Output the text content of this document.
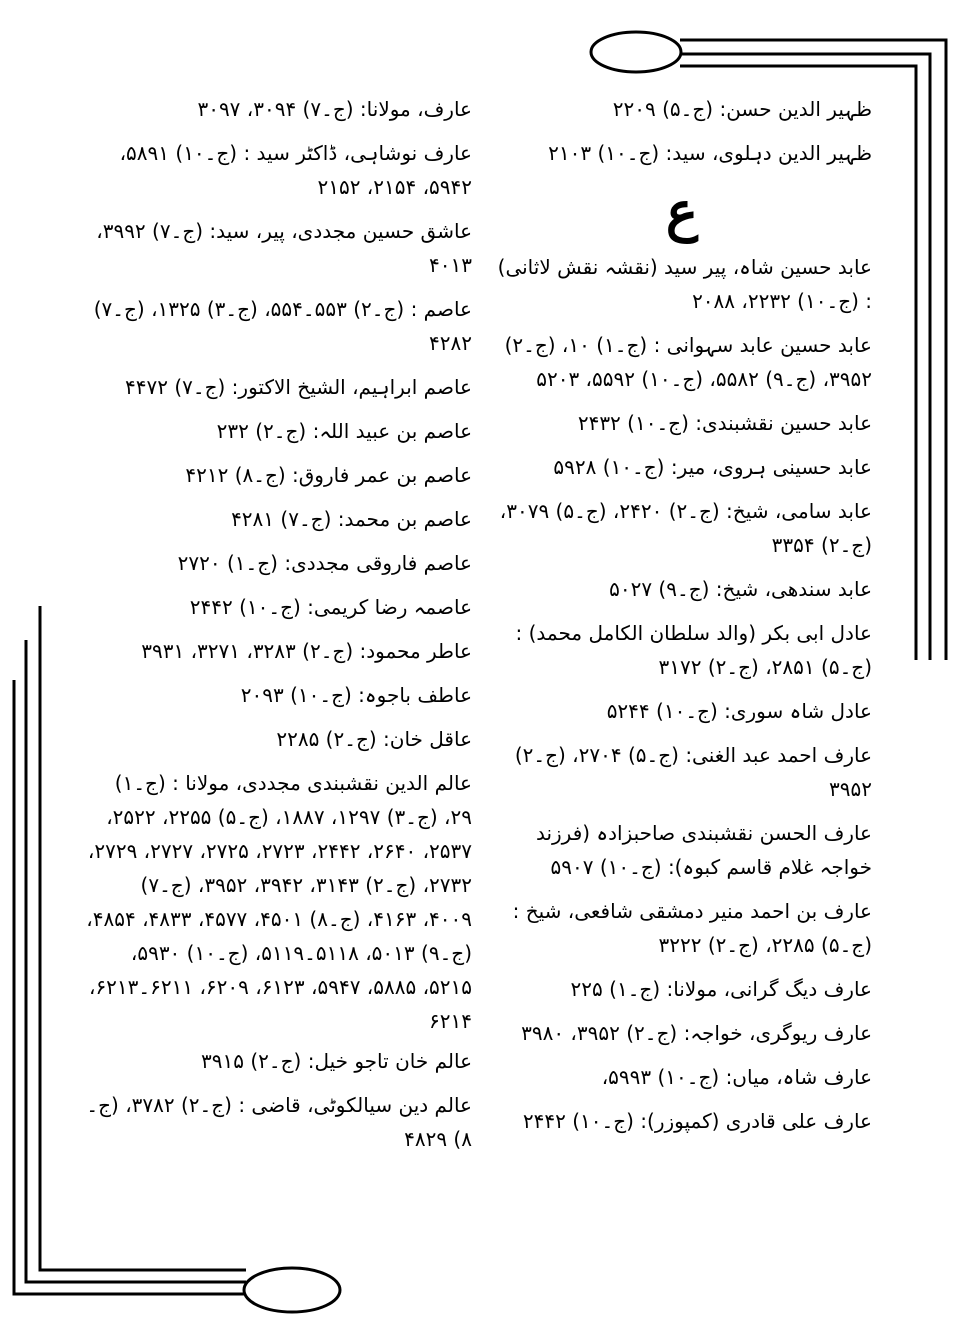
ظہیر الدین حسن: (ج۔۵) ۲۲۰۹
ظہیر الدین دہلوی، سید: (ج۔۱۰) ۲۱۰۳
ع
عابد حسین شاہ، پیر سید (نقشہ نقش لاثانی) : (ج۔۱۰) ۲۲۳۲، ۲۰۸۸
عابد حسین عابد سہوانی : (ج۔۱) ۱۰، (ج۔۲) ۳۹۵۲، (ج۔۹) ۵۵۸۲، (ج۔۱۰) ۵۵۹۲، ۵۲۰۳
عابد حسین نقشبندی: (ج۔۱۰) ۲۴۳۲
عابد حسینی ہروی، میر: (ج۔۱۰) ۵۹۲۸
عابد سامی، شیخ: (ج۔۲) ۲۴۲۰، (ج۔۵) ۳۰۷۹، (ج۔۲) ۳۳۵۴
عابد سندھی، شیخ: (ج۔۹) ۵۰۲۷
عادل ابی بکر (والد سلطان الکامل محمد) : (ج۔۵) ۲۸۵۱، (ج۔۲) ۳۱۷۲
عادل شاہ سوری: (ج۔۱۰) ۵۲۴۴
عارف احمد عبد الغنی: (ج۔۵) ۲۷۰۴، (ج۔۲) ۳۹۵۲
عارف الحسن نقشبندی صاحبزادہ (فرزند خواجہ غلام قاسم کبوہ): (ج۔۱۰) ۵۹۰۷
عارف بن احمد منیر دمشقی شافعی، شیخ : (ج۔۵) ۲۲۸۵، (ج۔۲) ۳۲۲۲
عارف دیگ گرانی، مولانا: (ج۔۱) ۲۲۵
عارف ریوگری، خواجہ: (ج۔۲) ۳۹۵۲، ۳۹۸۰
عارف شاہ، میاں: (ج۔۱۰) ۵۹۹۳،
عارف علی قادری (کمپوزر): (ج۔۱۰) ۲۴۴۲
عارف، مولانا: (ج۔۷) ۳۰۹۴، ۳۰۹۷
عارف نوشاہی، ڈاکٹر سید : (ج۔۱۰) ۵۸۹۱، ۵۹۴۲، ۲۱۵۴، ۲۱۵۲
عاشق حسین مجددی، پیر، سید: (ج۔۷) ۳۹۹۲، ۴۰۱۳
عاصم : (ج۔۲) ۵۵۳۔۵۵۴، (ج۔۳) ۱۳۲۵، (ج۔۷) ۴۲۸۲
عاصم ابراہیم، الشیخ الاکتور: (ج۔۷) ۴۴۷۲
عاصم بن عبید اللہ: (ج۔۲) ۲۳۲
عاصم بن عمر فاروق: (ج۔۸) ۴۲۱۲
عاصم بن محمد: (ج۔۷) ۴۲۸۱
عاصم فاروقی مجددی: (ج۔۱) ۲۷۲۰
عاصمہ رضا کریمی: (ج۔۱۰) ۲۴۴۲
عاطر محمود: (ج۔۲) ۳۲۸۳، ۳۲۷۱، ۳۹۳۱
عاطف باجوہ: (ج۔۱۰) ۲۰۹۳
عاقل خان: (ج۔۲) ۲۲۸۵
عالم الدین نقشبندی مجددی، مولانا : (ج۔۱) ۲۹، (ج۔۳) ۱۲۹۷، ۱۸۸۷، (ج۔۵) ۲۲۵۵، ۲۵۲۲، ۲۵۳۷، ۲۶۴۰، ۲۴۴۲، ۲۷۲۳، ۲۷۲۵، ۲۷۲۷، ۲۷۲۹، ۲۷۳۲، (ج۔۲) ۳۱۴۳، ۳۹۴۲، ۳۹۵۲، (ج۔۷) ۴۰۰۹، ۴۱۶۳، (ج۔۸) ۴۵۰۱، ۴۵۷۷، ۴۸۳۳، ۴۸۵۴، (ج۔۹) ۵۰۱۳، ۵۱۱۸۔۵۱۱۹، (ج۔۱۰) ۵۹۳۰، ۵۲۱۵، ۵۸۸۵، ۵۹۴۷، ۶۱۲۳، ۶۲۰۹، ۶۲۱۱۔۶۲۱۳، ۶۲۱۴
عالم خان تاجو خیل: (ج۔۲) ۳۹۱۵
عالم دین سیالکوٹی، قاضی : (ج۔۲) ۳۷۸۲، (ج۔۸) ۴۸۲۹
